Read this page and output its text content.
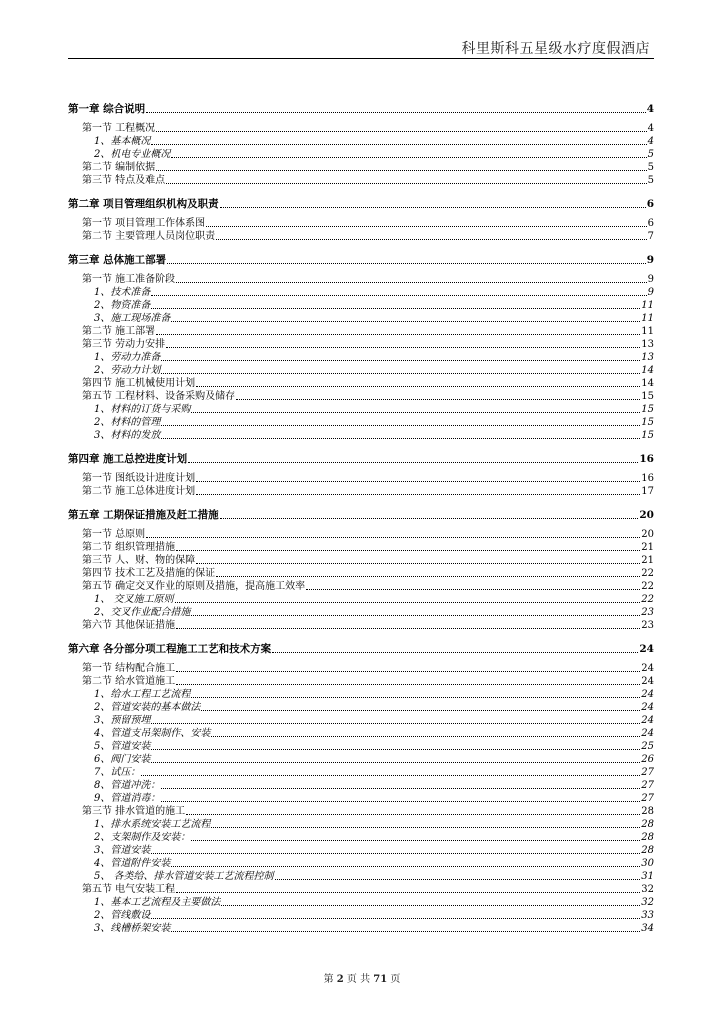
科里斯科五星级水疗度假酒店
第一章 综合说明	4
第一节 工程概况	4
1、基本概况	4
2、机电专业概况	5
第二节 编制依据	5
第三节 特点及难点	5
第二章 项目管理组织机构及职责	6
第一节 项目管理工作体系图	6
第二节 主要管理人员岗位职责	7
第三章 总体施工部署	9
第一节 施工准备阶段	9
1、技术准备	9
2、物资准备	11
3、施工现场准备	11
第二节 施工部署	11
第三节 劳动力安排	13
1、劳动力准备	13
2、劳动力计划	14
第四节 施工机械使用计划	14
第五节 工程材料、设备采购及储存	15
1、材料的订货与采购	15
2、材料的管理	15
3、材料的发放	15
第四章 施工总控进度计划	16
第一节 图纸设计进度计划	16
第二节 施工总体进度计划	17
第五章 工期保证措施及赶工措施	20
第一节 总原则	20
第二节 组织管理措施	21
第三节 人、财、物的保障	21
第四节 技术工艺及措施的保证	22
第五节 确定交叉作业的原则及措施，提高施工效率	22
1、 交叉施工原则	22
2、交叉作业配合措施	23
第六节 其他保证措施	23
第六章 各分部分项工程施工工艺和技术方案	24
第一节 结构配合施工	24
第二节 给水管道施工	24
1、给水工程工艺流程	24
2、管道安装的基本做法	24
3、预留预埋	24
4、管道支吊架制作、安装	24
5、管道安装	25
6、阀门安装	26
7、试压：	27
8、管道冲洗：	27
9、管道消毒：	27
第三节 排水管道的施工	28
1、排水系统安装工艺流程	28
2、支架制作及安装：	28
3、管道安装	28
4、管道附件安装	30
5、 各类给、排水管道安装工艺流程控制	31
第五节 电气安装工程	32
1、基本工艺流程及主要做法	32
2、管线敷设	33
3、线槽桥架安装	34
第 2 页 共 71 页
